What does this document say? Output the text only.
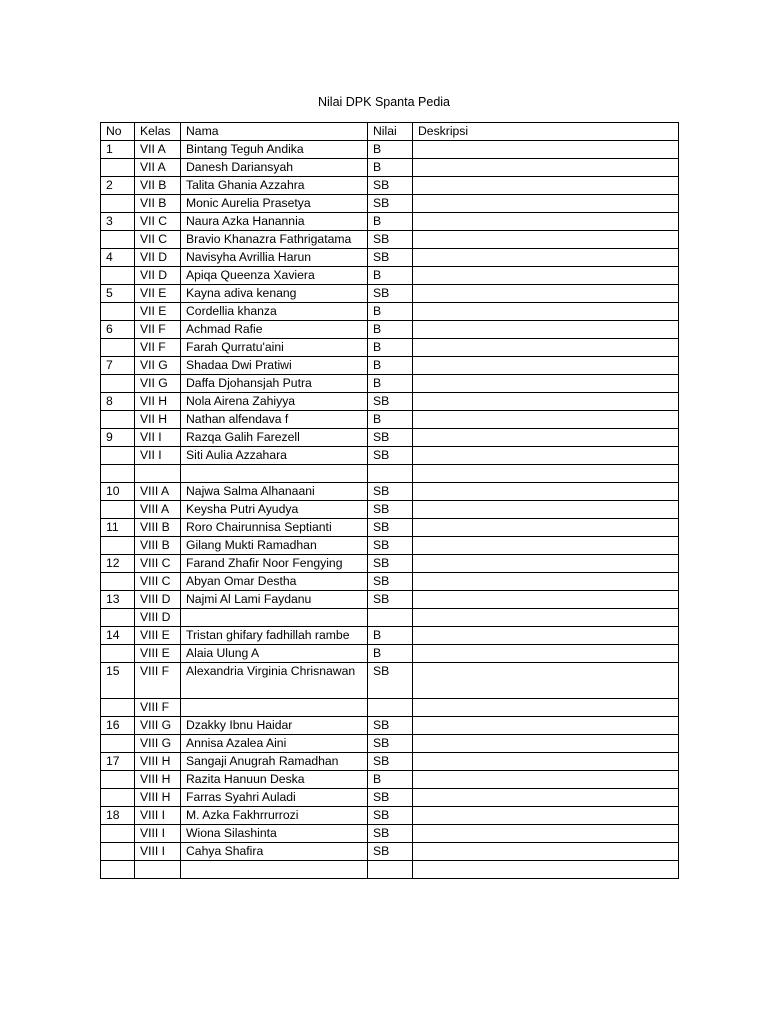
Nilai DPK Spanta Pedia
No	Kelas	Nama	Nilai	Deskripsi
1	VII A	Bintang Teguh Andika	B	
	VII A	Danesh Dariansyah	B	
2	VII B	Talita Ghania Azzahra	SB	
	VII B	Monic Aurelia Prasetya	SB	
3	VII C	Naura Azka Hanannia	B	
	VII C	Bravio Khanazra Fathrigatama	SB	
4	VII D	Navisyha Avrillia Harun	SB	
	VII D	Apiqa Queenza Xaviera	B	
5	VII E	Kayna adiva kenang	SB	
	VII E	Cordellia khanza	B	
6	VII F	Achmad Rafie	B	
	VII F	Farah Qurratu'aini	B	
7	VII G	Shadaa Dwi Pratiwi	B	
	VII G	Daffa Djohansjah Putra	B	
8	VII H	Nola Airena Zahiyya	SB	
	VII H	Nathan alfendava f	B	
9	VII I	Razqa Galih Farezell	SB	
	VII I	Siti Aulia Azzahara	SB	

10	VIII A	Najwa Salma Alhanaani	SB	
	VIII A	Keysha Putri Ayudya	SB	
11	VIII B	Roro Chairunnisa Septianti	SB	
	VIII B	Gilang Mukti Ramadhan	SB	
12	VIII C	Farand Zhafir Noor Fengying	SB	
	VIII C	Abyan Omar Destha	SB	
13	VIII D	Najmi Al Lami Faydanu	SB	
	VIII D			
14	VIII E	Tristan ghifary fadhillah rambe	B	
	VIII E	Alaia Ulung A	B	
15	VIII F	Alexandria Virginia Chrisnawan	SB	
	VIII F			
16	VIII G	Dzakky Ibnu Haidar	SB	
	VIII G	Annisa Azalea Aini	SB	
17	VIII H	Sangaji Anugrah Ramadhan	SB	
	VIII H	Razita Hanuun Deska	B	
	VIII H	Farras Syahri Auladi	SB	
18	VIII I	M. Azka Fakhrrurrozi	SB	
	VIII I	Wiona Silashinta	SB	
	VIII I	Cahya Shafira	SB	
